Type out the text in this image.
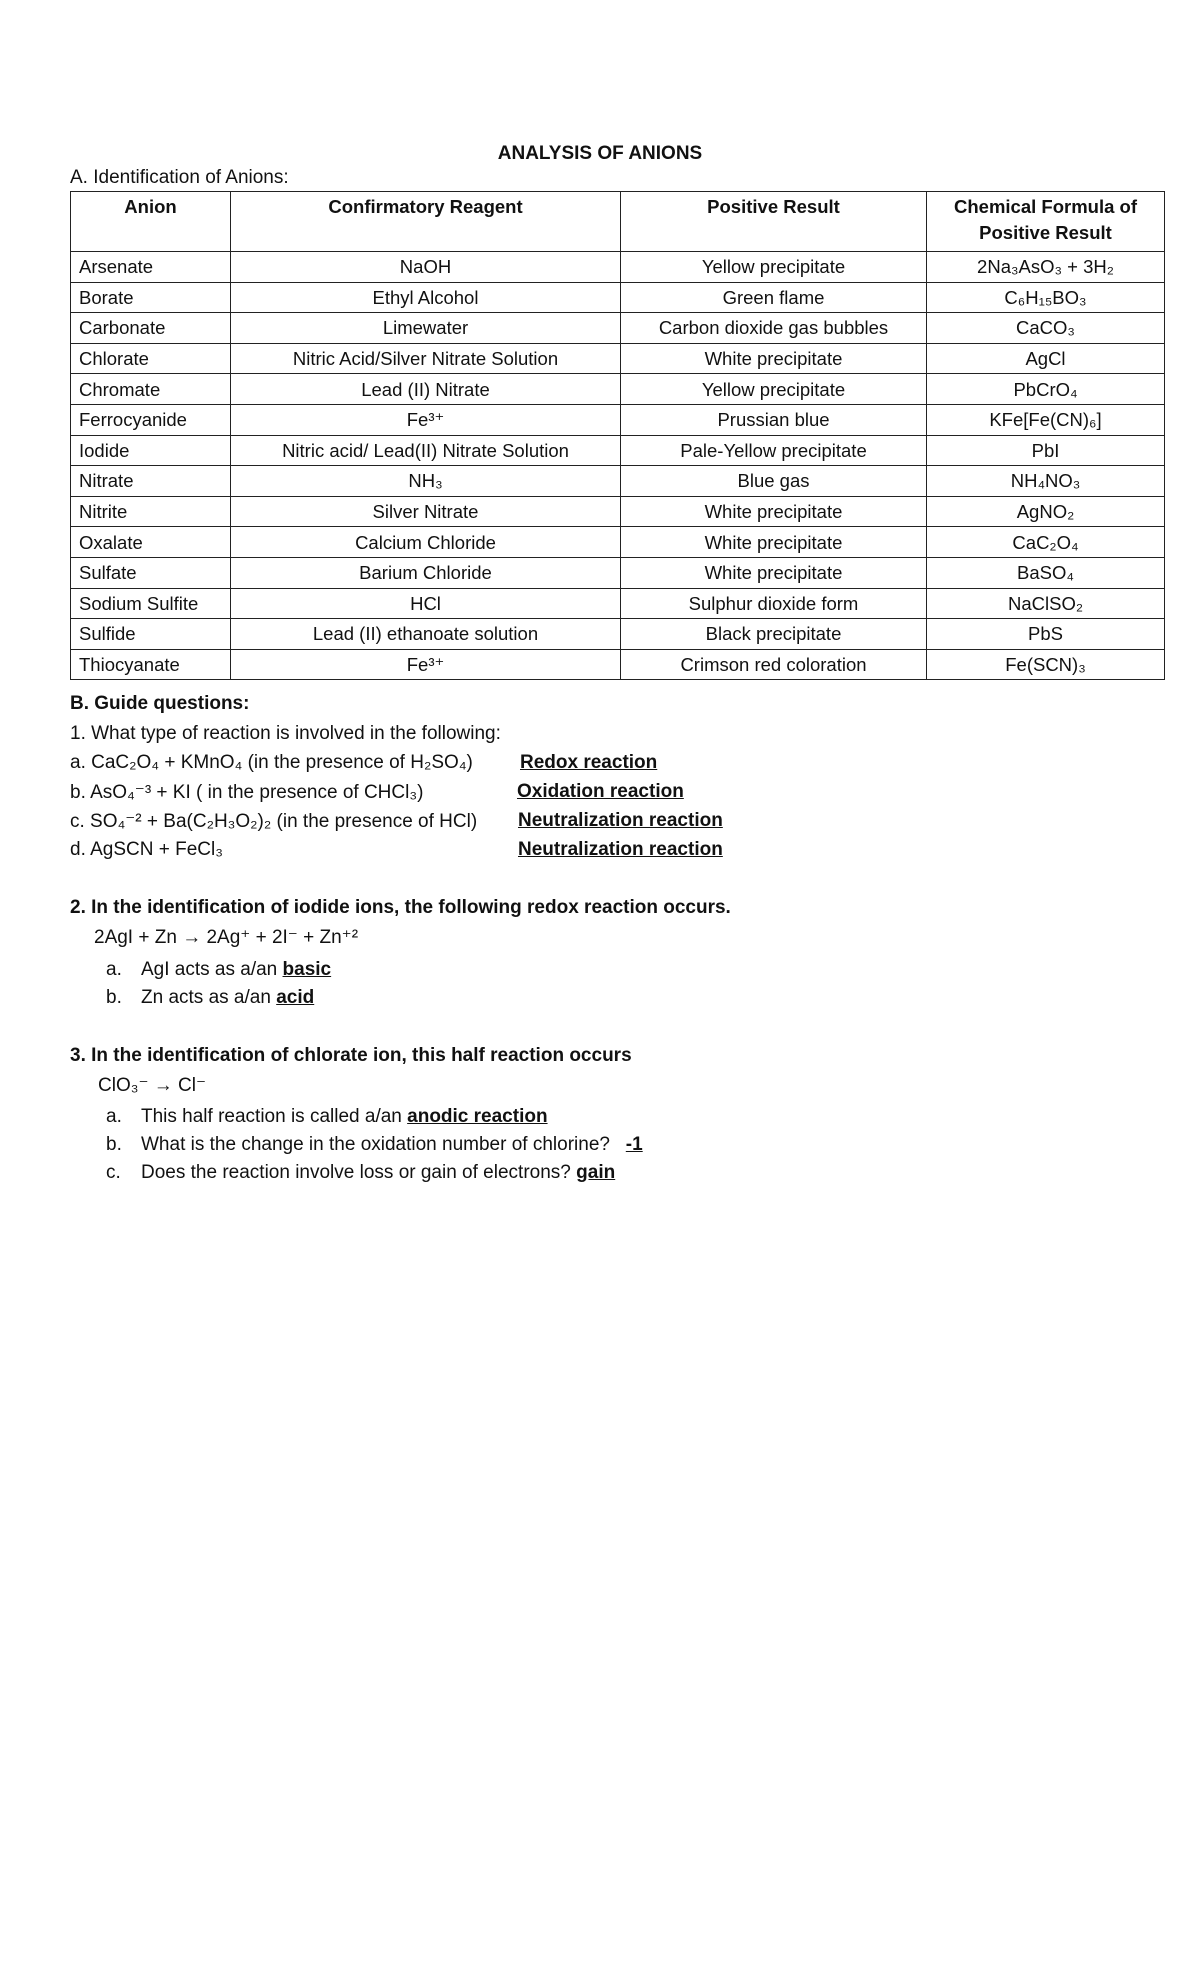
ANALYSIS OF ANIONS
A. Identification of Anions:
Anion	Confirmatory Reagent	Positive Result	Chemical Formula of Positive Result
Arsenate	NaOH	Yellow precipitate	2Na₃AsO₃ + 3H₂
Borate	Ethyl Alcohol	Green flame	C₆H₁₅BO₃
Carbonate	Limewater	Carbon dioxide gas bubbles	CaCO₃
Chlorate	Nitric Acid/Silver Nitrate Solution	White precipitate	AgCl
Chromate	Lead (II) Nitrate	Yellow precipitate	PbCrO₄
Ferrocyanide	Fe³⁺	Prussian blue	KFe[Fe(CN)₆]
Iodide	Nitric acid/ Lead(II) Nitrate Solution	Pale-Yellow precipitate	PbI
Nitrate	NH₃	Blue gas	NH₄NO₃
Nitrite	Silver Nitrate	White precipitate	AgNO₂
Oxalate	Calcium Chloride	White precipitate	CaC₂O₄
Sulfate	Barium Chloride	White precipitate	BaSO₄
Sodium Sulfite	HCl	Sulphur dioxide form	NaClSO₂
Sulfide	Lead (II) ethanoate solution	Black precipitate	PbS
Thiocyanate	Fe³⁺	Crimson red coloration	Fe(SCN)₃
B. Guide questions:
1. What type of reaction is involved in the following:
a. CaC₂O₄ + KMnO₄ (in the presence of H₂SO₄) Redox reaction
b. AsO₄⁻³ + KI ( in the presence of CHCl₃)	Oxidation reaction
c. SO₄⁻² + Ba(C₂H₃O₂)₂ (in the presence of HCl) Neutralization reaction
d. AgSCN + FeCl₃	Neutralization reaction
2. In the identification of iodide ions, the following redox reaction occurs.
2AgI + Zn → 2Ag⁺ + 2I⁻ + Zn⁺²
a. AgI acts as a/an basic
b. Zn acts as a/an acid
3. In the identification of chlorate ion, this half reaction occurs
ClO₃⁻ → Cl⁻
a. This half reaction is called a/an anodic reaction
b. What is the change in the oxidation number of chlorine?   -1
c. Does the reaction involve loss or gain of electrons? gain
